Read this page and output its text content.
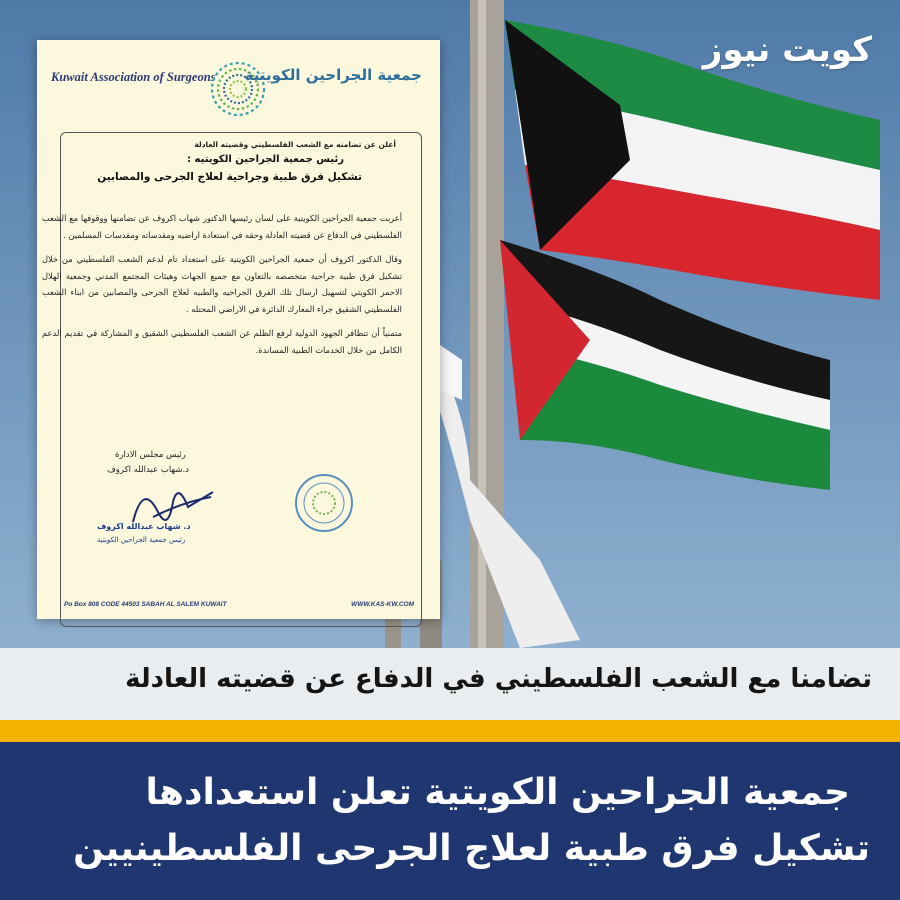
كويت نيوز
Kuwait Association of Surgeons جمعية الجراحين الكويتية
أعلن عن تضامنه مع الشعب الفلسطيني وقضيته العادلة
رئيس جمعية الجراحين الكويتيه :
تشكيل فرق طبية وجراحية لعلاج الجرحى والمصابين

أعربت جمعية الجراحين الكويتية على لسان رئيسها الدكتور شهاب اكروف عن تضامنها ووقوفها مع الشعب الفلسطيني في الدفاع عن قضيته العادلة وحقه في استعادة اراضيه ومقدساته ومقدسات المسلمين .

وقال الدكتور اكروف أن جمعية الجراحين الكويتية على استعداد تام لدعم الشعب الفلسطيني من خلال تشكيل فرق طبية جراحية متخصصه بالتعاون مع جميع الجهات وهيئات المجتمع المدني وجمعية الهلال الاحمر الكويتي لتسهيل ارسال تلك الفرق الجراحيه والطبيه لعلاج الجرحى والمصابين من ابناء الشعب الفلسطيني الشقيق جراء المعارك الدائرة في الاراضي المحتله .

متمنياً أن تتظافر الجهود الدولية لرفع الظلم عن الشعب الفلسطيني الشقيق و المشاركة في تقديم الدعم الكامل من خلال الخدمات الطبية المساندة.

رئيس مجلس الادارة
د.شهاب عبدالله اكروف
د. شهاب عبدالله اكروف
رئيس جمعية الجراحين الكويتية
Po Box 808 CODE 44503 SABAH AL SALEM KUWAIT	WWW.KAS-KW.COM
تضامنا مع الشعب الفلسطيني في الدفاع عن قضيته العادلة
جمعية الجراحين الكويتية تعلن استعدادها
تشكيل فرق طبية لعلاج الجرحى الفلسطينيين
